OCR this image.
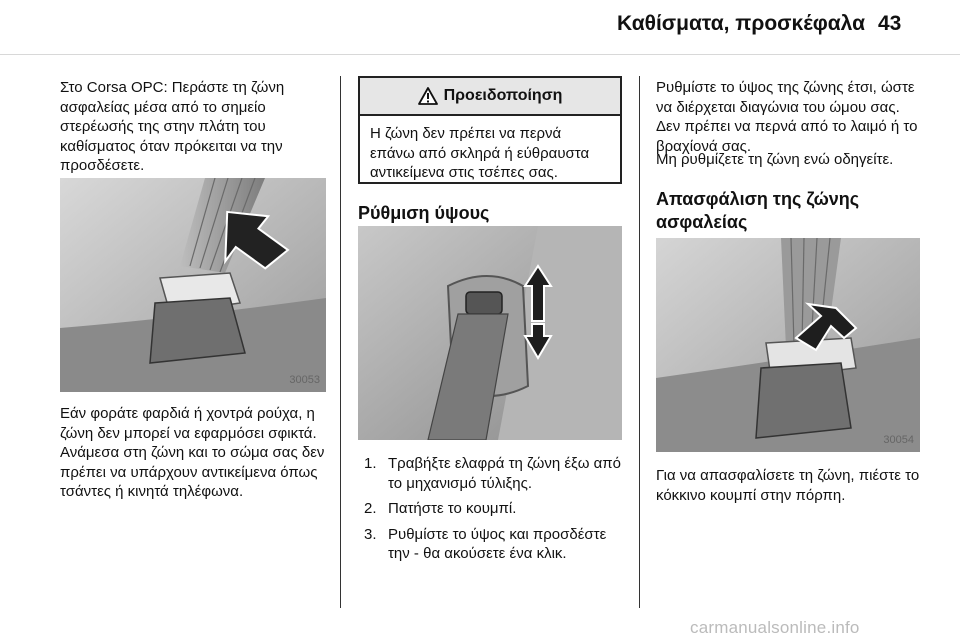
Καθίσματα, προσκέφαλα 43

Στο Corsa OPC: Περάστε τη ζώνη ασφαλείας μέσα από το σημείο στερέωσής της στην πλάτη του καθίσματος όταν πρόκειται να την προσδέσετε.

30053

Εάν φοράτε φαρδιά ή χοντρά ρούχα, η ζώνη δεν μπορεί να εφαρμόσει σφικτά. Ανάμεσα στη ζώνη και το σώμα σας δεν πρέπει να υπάρχουν αντικείμενα όπως τσάντες ή κινητά τηλέφωνα.

Προειδοποίηση
Η ζώνη δεν πρέπει να περνά επάνω από σκληρά ή εύθραυστα αντικείμενα στις τσέπες σας.
Ρύθμιση ύψους
1. Τραβήξτε ελαφρά τη ζώνη έξω από το μηχανισμό τύλιξης.
2. Πατήστε το κουμπί.
3. Ρυθμίστε το ύψος και προσδέστε την - θα ακούσετε ένα κλικ.

Ρυθμίστε το ύψος της ζώνης έτσι, ώστε να διέρχεται διαγώνια του ώμου σας. Δεν πρέπει να περνά από το λαιμό ή το βραχίονά σας.

Μη ρυθμίζετε τη ζώνη ενώ οδηγείτε.

Απασφάλιση της ζώνης ασφαλείας
30054

Για να απασφαλίσετε τη ζώνη, πιέστε το κόκκινο κουμπί στην πόρπη.

carmanualsonline.info
